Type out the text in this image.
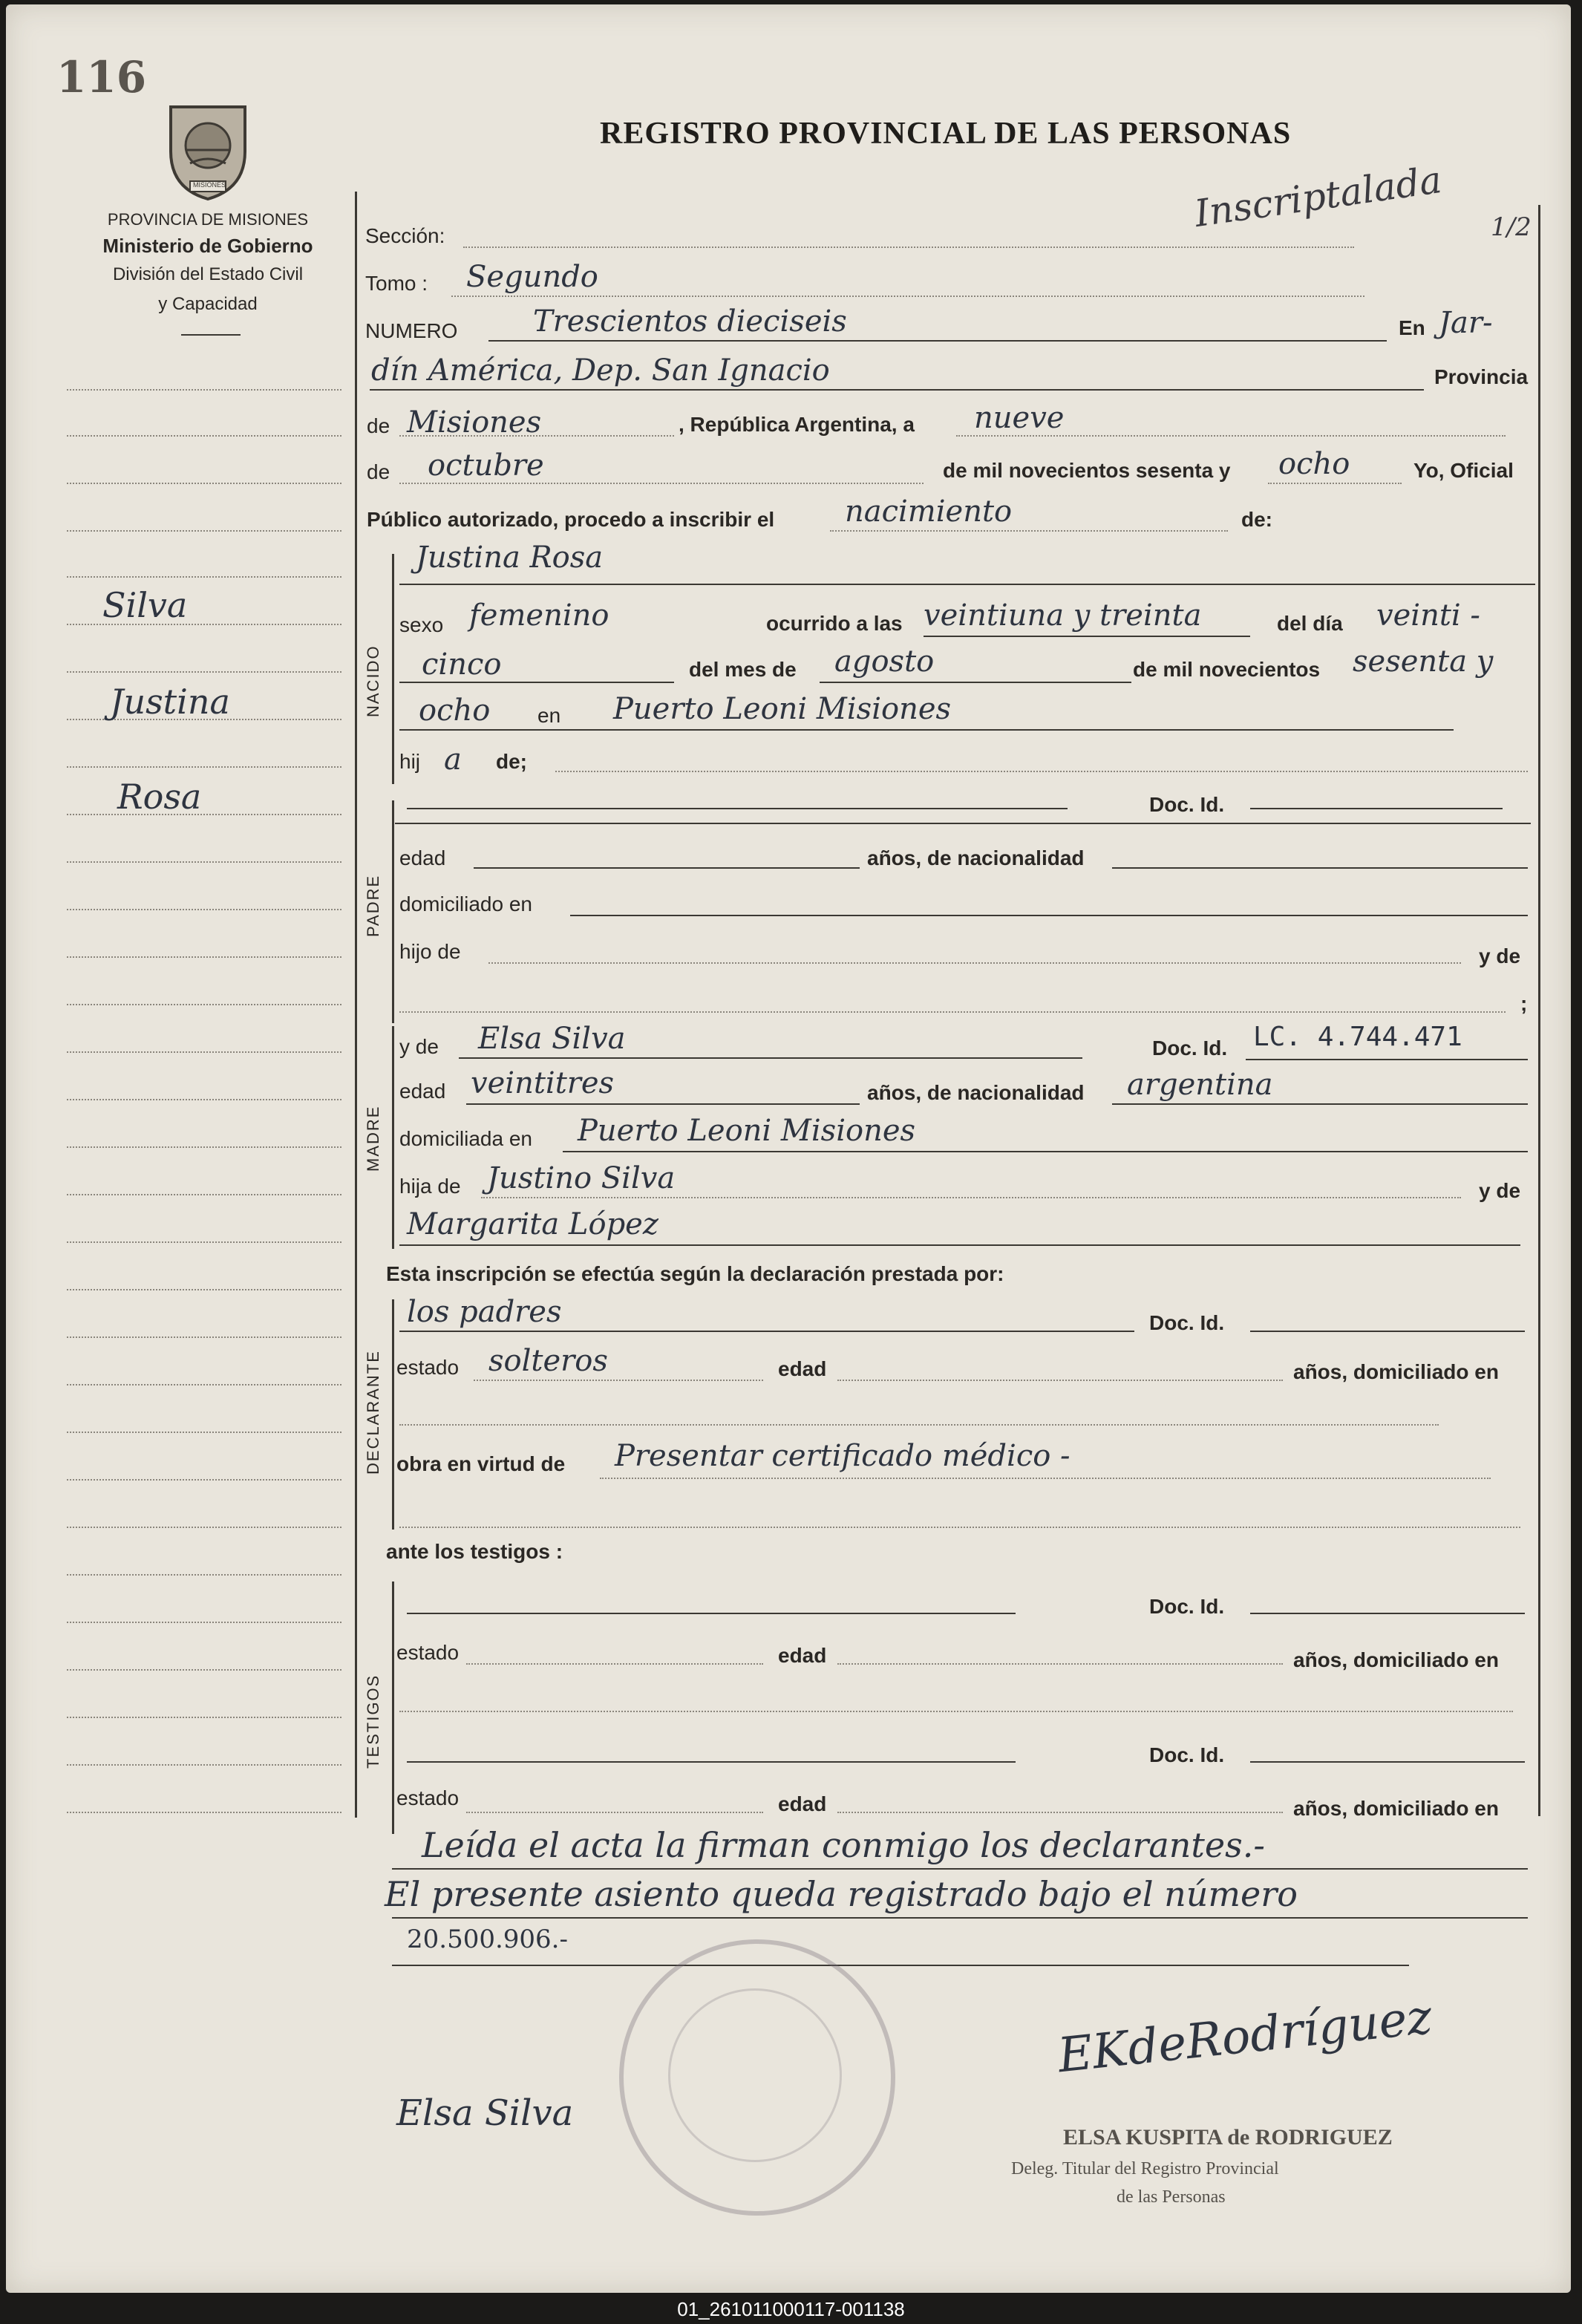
116
MISIONES
PROVINCIA DE MISIONES
Ministerio de Gobierno
División del Estado Civil
y Capacidad
REGISTRO PROVINCIAL DE LAS PERSONAS
Inscriptalada 1/2
Silva
Justina
Rosa
Sección:
Tomo : Segundo
NUMERO	Trescientos dieciseis	En Jar-
dín América, Dep. San Ignacio	Provincia
de Misiones	, República Argentina, a nueve
de octubre	de mil novecientos sesenta y ocho	Yo, Oficial
Público autorizado, procedo a inscribir el nacimiento	de:
NACIDO
Justina Rosa
sexo femenino	ocurrido a las veintiuna y treinta	del día veinti -
cinco	del mes de agosto	de mil novecientos sesenta y
ocho en Puerto Leoni Misiones
hij a de;
PADRE
Doc. Id.
edad	años, de nacionalidad
domiciliado en
hijo de	y de
;
MADRE
y de Elsa Silva	Doc. Id. LC. 4.744.471
edad veintitres	años, de nacionalidad argentina
domiciliada en Puerto Leoni Misiones
hija de Justino Silva	y de
Margarita López
Esta inscripción se efectúa según la declaración prestada por:
DECLARANTE
los padres	Doc. Id.
estado solteros	edad	años, domiciliado en
obra en virtud de Presentar certificado médico -
ante los testigos :
TESTIGOS
Doc. Id.
estado	edad	años, domiciliado en
Doc. Id.
estado	edad	años, domiciliado en
Leída el acta la firman conmigo los declarantes.-
El presente asiento queda registrado bajo el número
20.500.906.-
EKdeRodríguez
Elsa Silva
ELSA KUSPITA de RODRIGUEZ
Deleg. Titular del Registro Provincial
de las Personas
01_261011000117-001138
